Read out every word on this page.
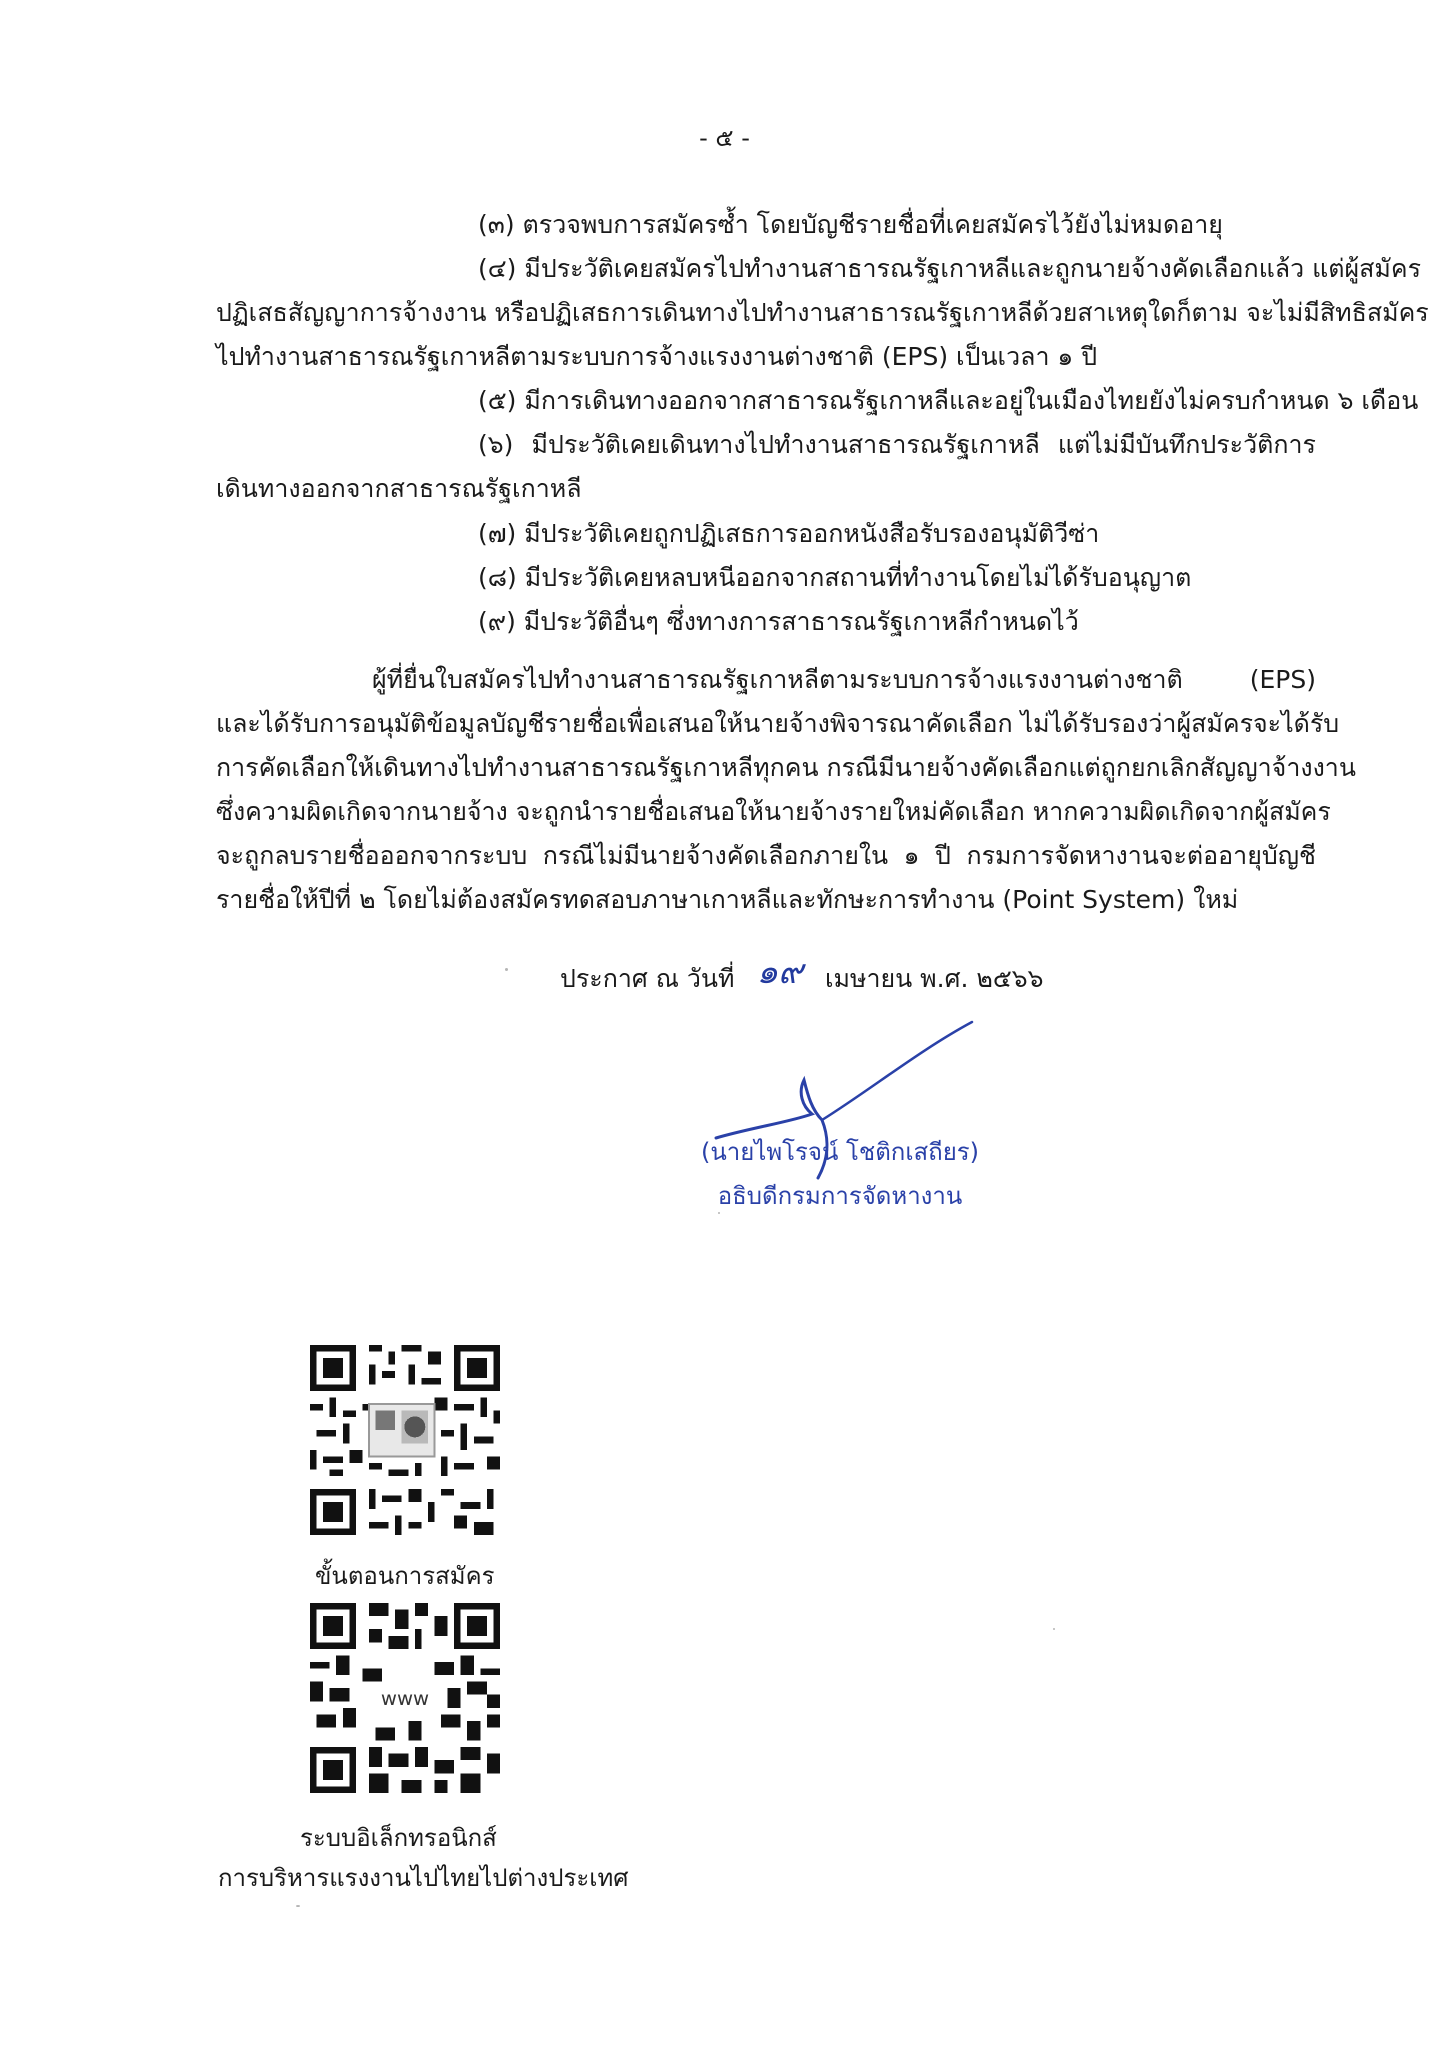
- ๕ -
(๓) ตรวจพบการสมัครซ้ำ โดยบัญชีรายชื่อที่เคยสมัครไว้ยังไม่หมดอายุ
(๔) มีประวัติเคยสมัครไปทำงานสาธารณรัฐเกาหลีและถูกนายจ้างคัดเลือกแล้ว แต่ผู้สมัคร
ปฏิเสธสัญญาการจ้างงาน หรือปฏิเสธการเดินทางไปทำงานสาธารณรัฐเกาหลีด้วยสาเหตุใดก็ตาม จะไม่มีสิทธิสมัคร
ไปทำงานสาธารณรัฐเกาหลีตามระบบการจ้างแรงงานต่างชาติ (EPS) เป็นเวลา ๑ ปี
(๕) มีการเดินทางออกจากสาธารณรัฐเกาหลีและอยู่ในเมืองไทยยังไม่ครบกำหนด ๖ เดือน
(๖) มีประวัติเคยเดินทางไปทำงานสาธารณรัฐเกาหลี แต่ไม่มีบันทึกประวัติการ
เดินทางออกจากสาธารณรัฐเกาหลี
(๗) มีประวัติเคยถูกปฏิเสธการออกหนังสือรับรองอนุมัติวีซ่า
(๘) มีประวัติเคยหลบหนีออกจากสถานที่ทำงานโดยไม่ได้รับอนุญาต
(๙) มีประวัติอื่นๆ ซึ่งทางการสาธารณรัฐเกาหลีกำหนดไว้
ผู้ที่ยื่นใบสมัครไปทำงานสาธารณรัฐเกาหลีตามระบบการจ้างแรงงานต่างชาติ (EPS)
และได้รับการอนุมัติข้อมูลบัญชีรายชื่อเพื่อเสนอให้นายจ้างพิจารณาคัดเลือก ไม่ได้รับรองว่าผู้สมัครจะได้รับ
การคัดเลือกให้เดินทางไปทำงานสาธารณรัฐเกาหลีทุกคน กรณีมีนายจ้างคัดเลือกแต่ถูกยกเลิกสัญญาจ้างงาน
ซึ่งความผิดเกิดจากนายจ้าง จะถูกนำรายชื่อเสนอให้นายจ้างรายใหม่คัดเลือก หากความผิดเกิดจากผู้สมัคร
จะถูกลบรายชื่อออกจากระบบ กรณีไม่มีนายจ้างคัดเลือกภายใน ๑ ปี กรมการจัดหางานจะต่ออายุบัญชี
รายชื่อให้ปีที่ ๒ โดยไม่ต้องสมัครทดสอบภาษาเกาหลีและทักษะการทำงาน (Point System) ใหม่
ประกาศ ณ วันที่ ๑๙ เมษายน พ.ศ. ๒๕๖๖
(นายไพโรจน์ โชติกเสถียร)
อธิบดีกรมการจัดหางาน
ขั้นตอนการสมัคร
www
ระบบอิเล็กทรอนิกส์
การบริหารแรงงานไปไทยไปต่างประเทศ
